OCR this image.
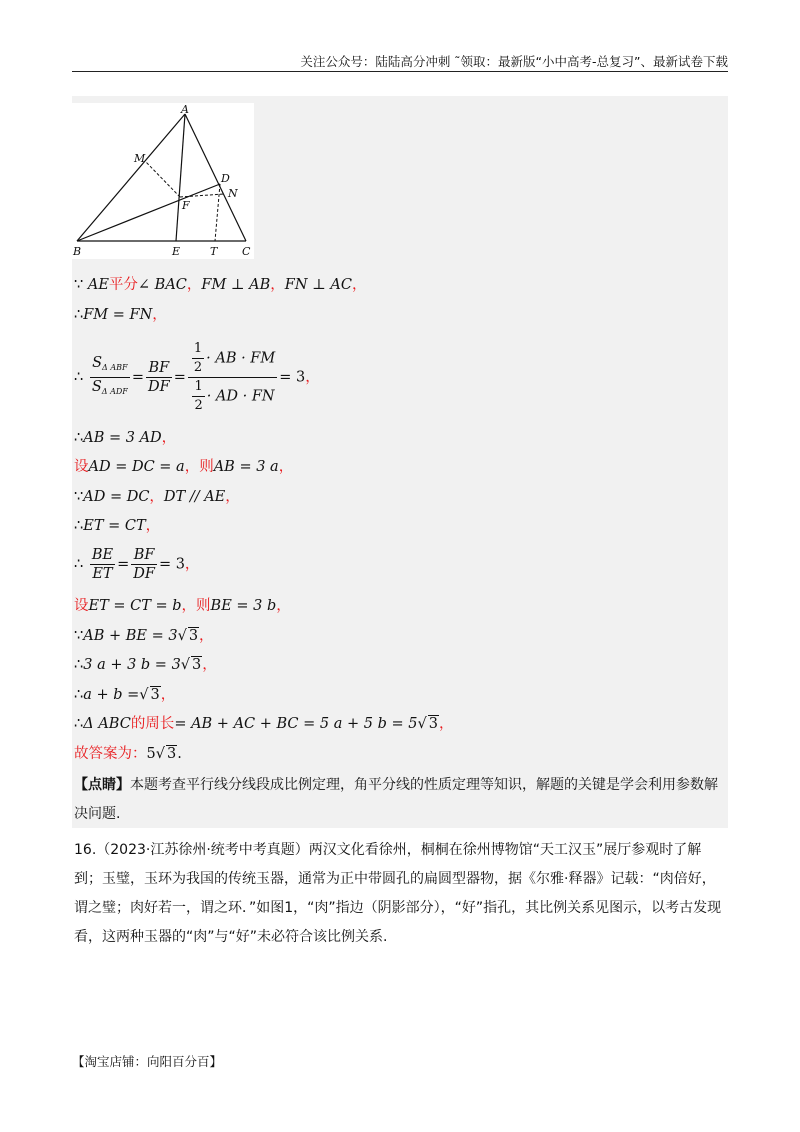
关注公众号：陆陆高分冲刺 ˜领取：最新版“小中高考-总复习”、最新试卷下载
A
M
D
N
F
B	E	T C
∵ AE平分∠ BAC，FM ⊥ AB，FN ⊥ AC，
∴FM = FN，
∴ $\frac{S_{\Delta ABF}}{S_{\Delta ADF}} = \frac{BF}{DF} = \frac{\frac{1}{2} \cdot AB \cdot FM}{\frac{1}{2} \cdot AD \cdot FN} = 3$，
∴AB = 3 AD，
设AD = DC = a，则AB = 3 a，
∵AD = DC，DT // AE，
∴ET = CT，
∴ $\frac{BE}{ET} = \frac{BF}{DF} = 3$，
设ET = CT = b，则BE = 3 b，
∵AB + BE = 3√ 3，
∴3 a + 3 b = 3√ 3，
∴a + b =√ 3，
∴Δ ABC的周长= AB + AC + BC = 5 a + 5 b = 5√ 3，
故答案为：5√ 3.
【点睛】本题考查平行线分线段成比例定理，角平分线的性质定理等知识，解题的关键是学会利用参数解决问题.
16.（2023·江苏徐州·统考中考真题）两汉文化看徐州，桐桐在徐州博物馆“天工汉玉”展厅参观时了解到；玉璧，玉环为我国的传统玉器，通常为正中带圆孔的扁圆型器物，据《尔雅·释器》记载：“肉倍好，谓之璧；肉好若一，谓之环．”如图1，“肉”指边（阴影部分），“好”指孔，其比例关系见图示，以考古发现看，这两种玉器的“肉”与“好”未必符合该比例关系.
【淘宝店铺：向阳百分百】
